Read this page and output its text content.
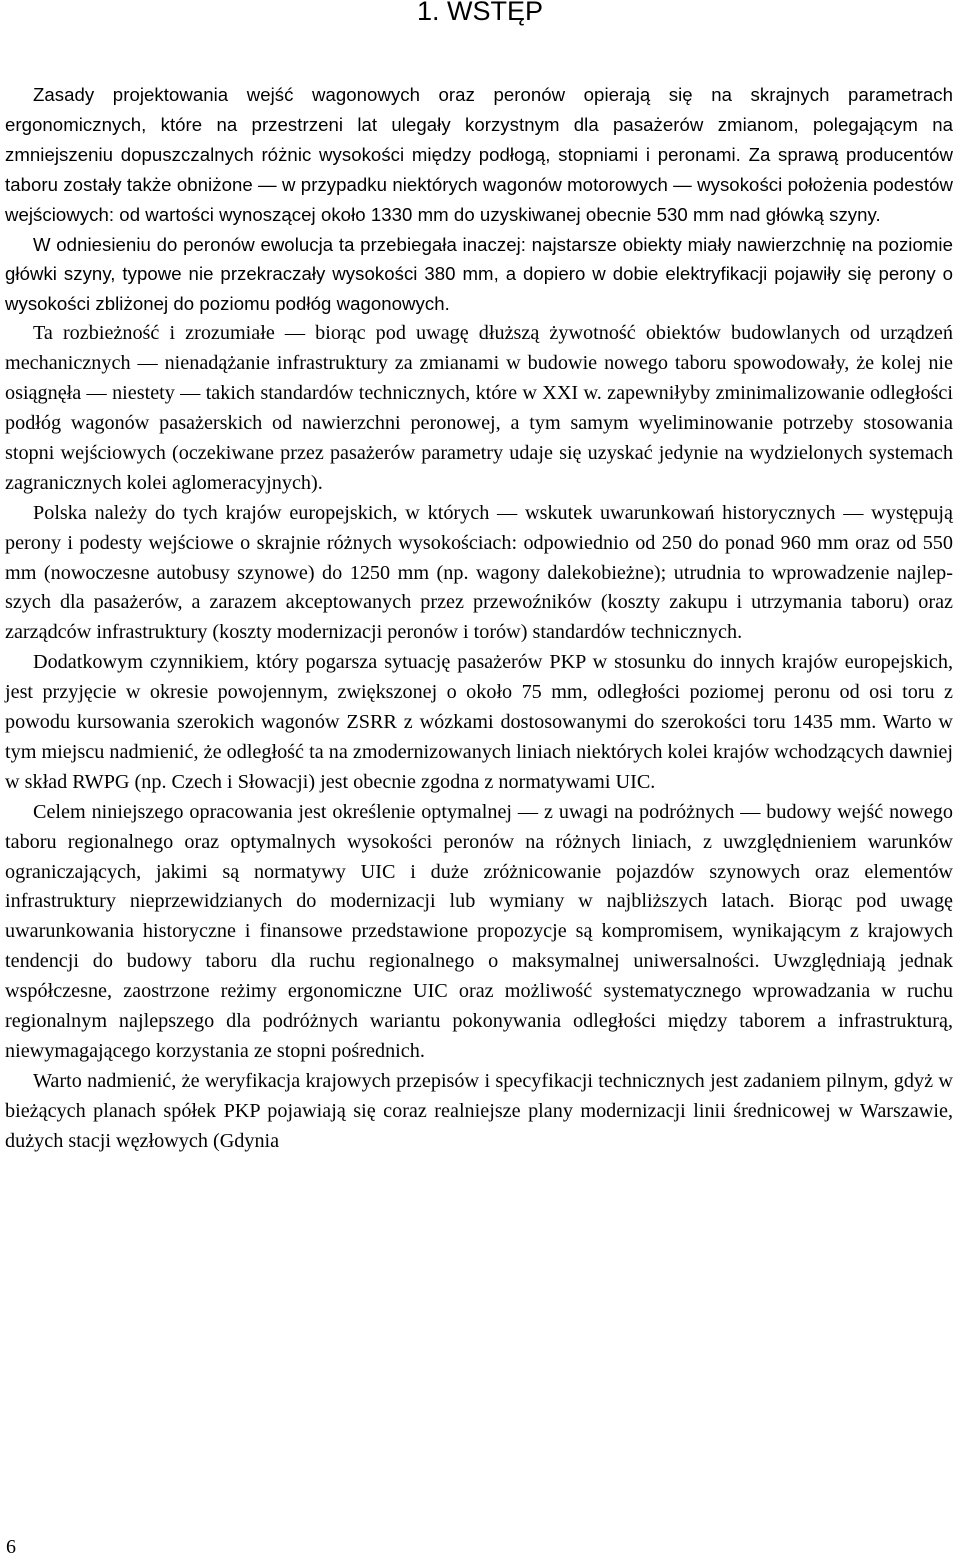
1. WSTĘP

Zasady projektowania wejść wagonowych oraz peronów opierają się na skrajnych parametrach ergonomicznych, które na przestrzeni lat ulegały korzystnym dla pasażerów zmianom, polegającym na zmniejszeniu dopuszczalnych różnic wysokości między podłogą, stopniami i peronami. Za sprawą producentów taboru zostały także obniżone — w przypadku niektórych wagonów motorowych — wysokości położenia podestów wejściowych: od wartości wynoszącej około 1330 mm do uzyskiwanej obecnie 530 mm nad główką szyny.

W odniesieniu do peronów ewolucja ta przebiegała inaczej: najstarsze obiekty miały nawierzchnię na poziomie główki szyny, typowe nie przekraczały wysokości 380 mm, a dopiero w dobie elektryfikacji pojawiły się perony o wysokości zbliżonej do poziomu podłóg wagonowych.

Ta rozbieżność i zrozumiałe — biorąc pod uwagę dłuższą żywotność obiektów budowlanych od urządzeń mechanicznych — nienadążanie infrastruktury za zmianami w budowie nowego taboru spowodowały, że kolej nie osiągnęła — niestety — takich standardów technicznych, które w XXI w. zapewniłyby zminimalizowanie odległości podłóg wagonów pasażerskich od nawierzchni peronowej, a tym samym wyeliminowanie potrzeby stosowania stopni wejściowych (oczekiwane przez pasażerów parametry udaje się uzyskać jedynie na wydzielonych systemach zagranicznych kolei aglomeracyjnych).

Polska należy do tych krajów europejskich, w których — wskutek uwarunkowań historycznych — występują perony i podesty wejściowe o skrajnie różnych wysokościach: odpowiednio od 250 do ponad 960 mm oraz od 550 mm (nowoczesne autobusy szynowe) do 1250 mm (np. wagony dalekobieżne); utrudnia to wprowadzenie najlepszych dla pasażerów, a zarazem akceptowanych przez przewoźników (koszty zakupu i utrzymania taboru) oraz zarządców infrastruktury (koszty modernizacji peronów i torów) standardów technicznych.

Dodatkowym czynnikiem, który pogarsza sytuację pasażerów PKP w stosunku do innych krajów europejskich, jest przyjęcie w okresie powojennym, zwiększonej o około 75 mm, odległości poziomej peronu od osi toru z powodu kursowania szerokich wagonów ZSRR z wózkami dostosowanymi do szerokości toru 1435 mm. Warto w tym miejscu nadmienić, że odległość ta na zmodernizowanych liniach niektórych kolei krajów wchodzących dawniej w skład RWPG (np. Czech i Słowacji) jest obecnie zgodna z normatywami UIC.

Celem niniejszego opracowania jest określenie optymalnej — z uwagi na podróżnych — budowy wejść nowego taboru regionalnego oraz optymalnych wysokości peronów na różnych liniach, z uwzględnieniem warunków ograniczających, jakimi są normatywy UIC i duże zróżnicowanie pojazdów szynowych oraz elementów infrastruktury nieprzewidzianych do modernizacji lub wymiany w najbliższych latach. Biorąc pod uwagę uwarunkowania historyczne i finansowe przedstawione propozycje są kompromisem, wynikającym z krajowych tendencji do budowy taboru dla ruchu regionalnego o maksymalnej uniwersalności. Uwzględniają jednak współczesne, zaostrzone reżimy ergonomiczne UIC oraz możliwość systematycznego wprowadzania w ruchu regionalnym najlepszego dla podróżnych wariantu pokonywania odległości między taborem a infrastrukturą, niewymagającego korzystania ze stopni pośrednich.

Warto nadmienić, że weryfikacja krajowych przepisów i specyfikacji technicznych jest zadaniem pilnym, gdyż w bieżących planach spółek PKP pojawiają się coraz realniejsze plany modernizacji linii średnicowej w Warszawie, dużych stacji węzłowych (Gdynia

6
